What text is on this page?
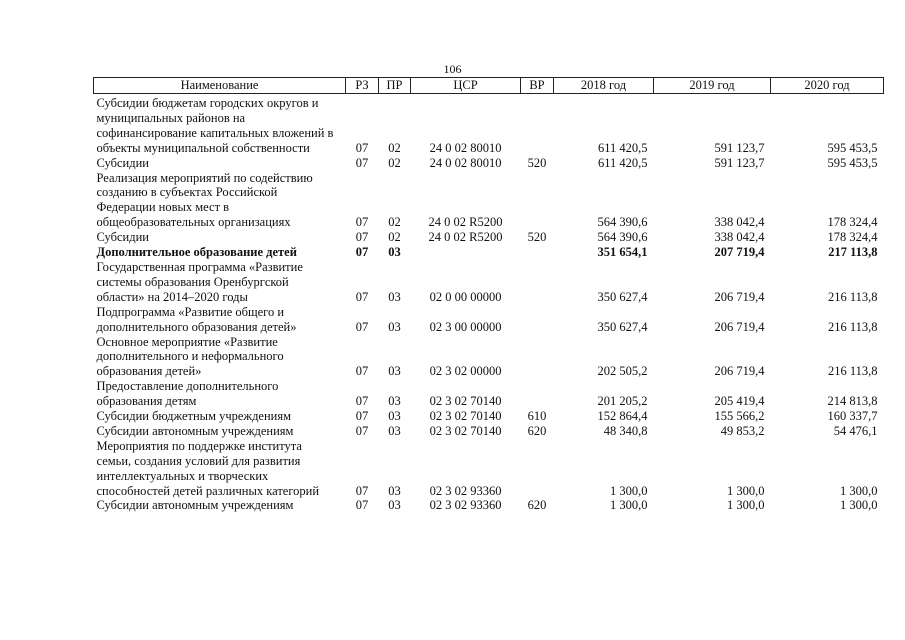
106
Наименование	РЗ	ПР	ЦСР	ВР	2018 год	2019 год	2020 год
Субсидии бюджетам городских округов и муниципальных районов на софинансирование капитальных вложений в объекты муниципальной собственности	07	02	24 0 02 80010		611 420,5	591 123,7	595 453,5
Субсидии	07	02	24 0 02 80010	520	611 420,5	591 123,7	595 453,5
Реализация мероприятий по содействию созданию в субъектах Российской Федерации новых мест в общеобразовательных организациях	07	02	24 0 02 R5200		564 390,6	338 042,4	178 324,4
Субсидии	07	02	24 0 02 R5200	520	564 390,6	338 042,4	178 324,4
Дополнительное образование детей	07	03			351 654,1	207 719,4	217 113,8
Государственная программа «Развитие системы образования Оренбургской области» на 2014–2020 годы	07	03	02 0 00 00000		350 627,4	206 719,4	216 113,8
Подпрограмма «Развитие общего и дополнительного образования детей»	07	03	02 3 00 00000		350 627,4	206 719,4	216 113,8
Основное мероприятие «Развитие дополнительного и неформального образования детей»	07	03	02 3 02 00000		202 505,2	206 719,4	216 113,8
Предоставление дополнительного образования детям	07	03	02 3 02 70140		201 205,2	205 419,4	214 813,8
Субсидии бюджетным учреждениям	07	03	02 3 02 70140	610	152 864,4	155 566,2	160 337,7
Субсидии автономным учреждениям	07	03	02 3 02 70140	620	48 340,8	49 853,2	54 476,1
Мероприятия по поддержке института семьи, создания условий для развития интеллектуальных и творческих способностей детей различных категорий	07	03	02 3 02 93360		1 300,0	1 300,0	1 300,0
Субсидии автономным учреждениям	07	03	02 3 02 93360	620	1 300,0	1 300,0	1 300,0
